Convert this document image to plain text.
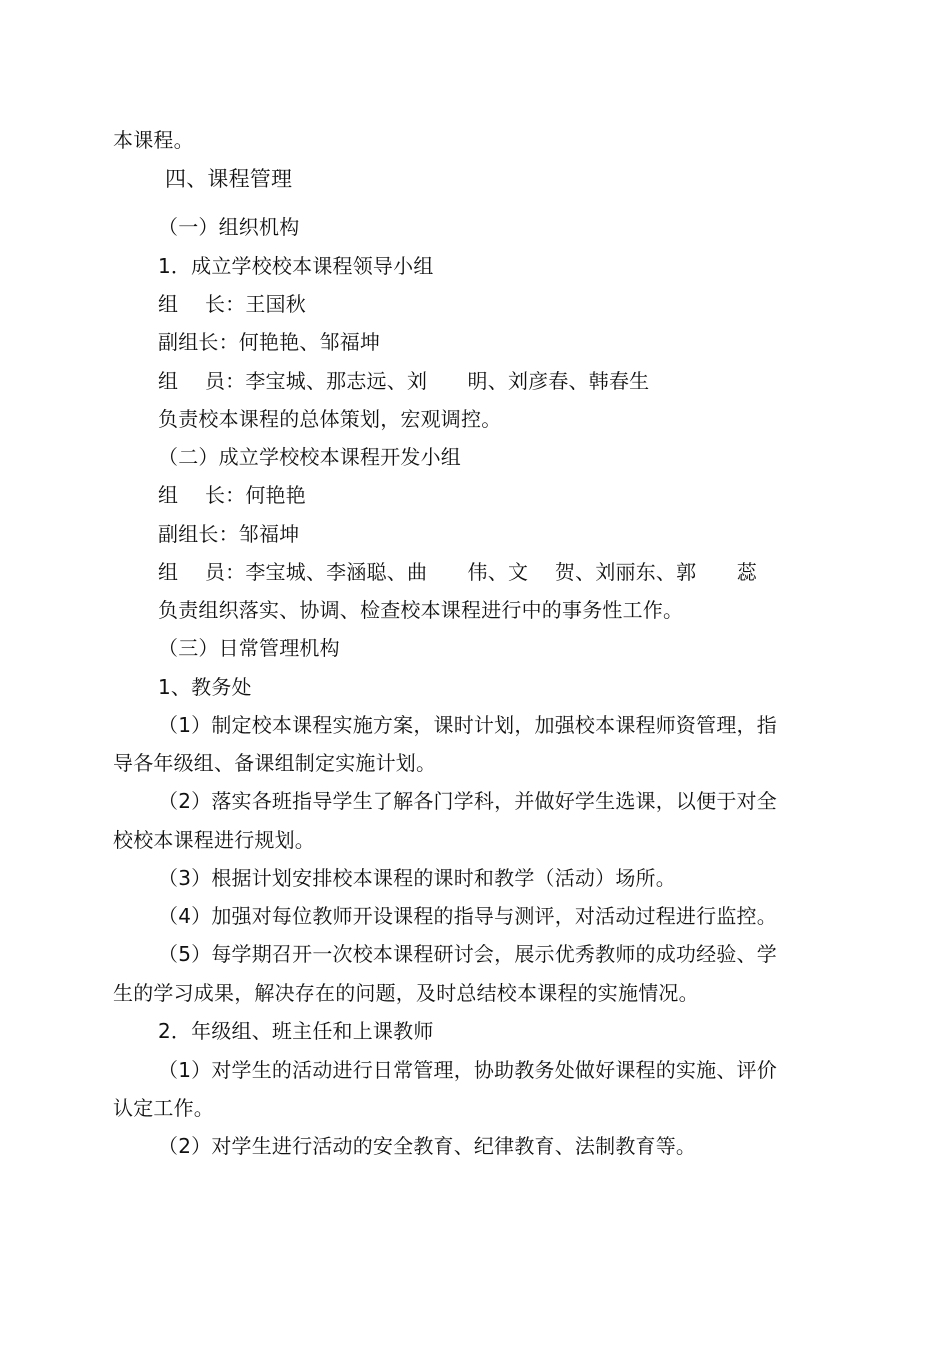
本课程。
四、课程管理
（一）组织机构
1．成立学校校本课程领导小组
组　 长：王国秋
副组长：何艳艳、邹福坤
组　 员：李宝城、那志远、刘　　明、刘彦春、韩春生
负责校本课程的总体策划，宏观调控。
（二）成立学校校本课程开发小组
组　 长：何艳艳
副组长：邹福坤
组　 员：李宝城、李涵聪、曲　　伟、文　 贺、刘丽东、郭　　蕊
负责组织落实、协调、检查校本课程进行中的事务性工作。
（三）日常管理机构
1、教务处
（1）制定校本课程实施方案，课时计划，加强校本课程师资管理，指
导各年级组、备课组制定实施计划。
（2）落实各班指导学生了解各门学科，并做好学生选课，以便于对全
校校本课程进行规划。
（3）根据计划安排校本课程的课时和教学（活动）场所。
（4）加强对每位教师开设课程的指导与测评，对活动过程进行监控。
（5）每学期召开一次校本课程研讨会，展示优秀教师的成功经验、学
生的学习成果，解决存在的问题，及时总结校本课程的实施情况。
2．年级组、班主任和上课教师
（1）对学生的活动进行日常管理，协助教务处做好课程的实施、评价
认定工作。
（2）对学生进行活动的安全教育、纪律教育、法制教育等。
